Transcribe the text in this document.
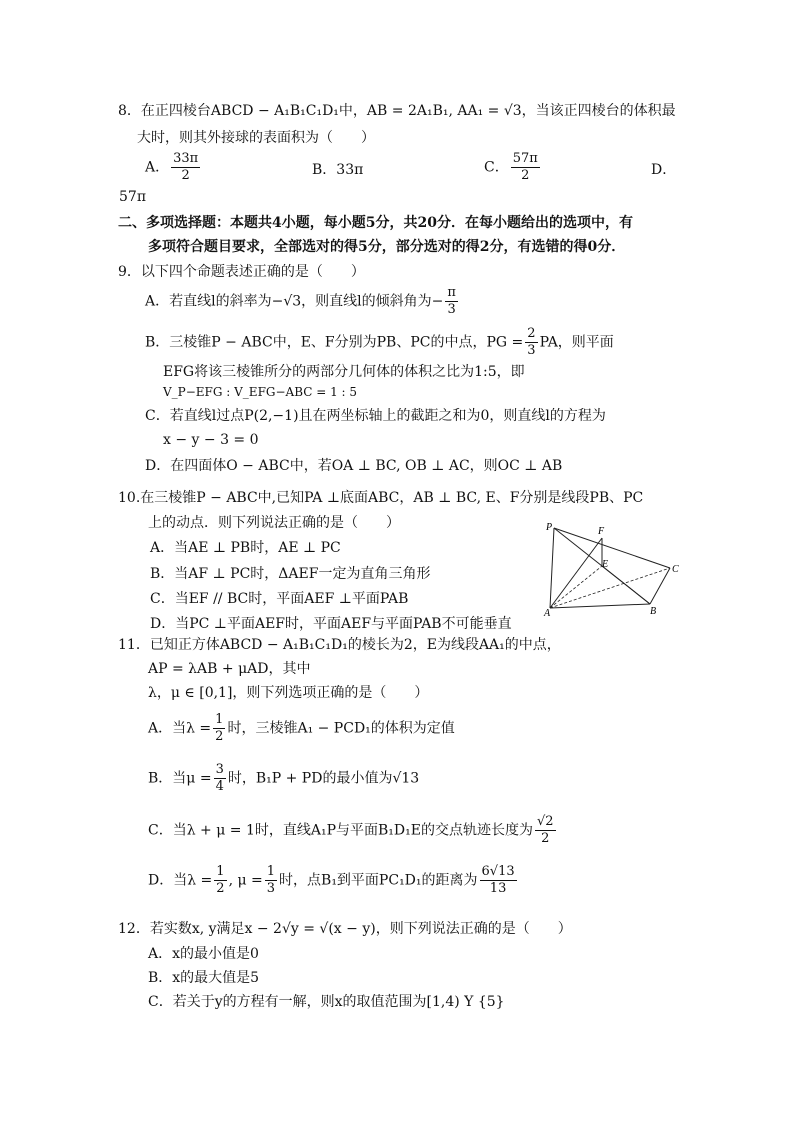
8．在正四棱台ABCD − A₁B₁C₁D₁中，AB = 2A₁B₁, AA₁ = √3，当该正四棱台的体积最
大时，则其外接球的表面积为（　　）
A． $\frac{33\pi}{2}$	B．33π	C． $\frac{57\pi}{2}$	D．
57π
二、多项选择题：本题共4小题，每小题5分，共20分．在每小题给出的选项中，有
多项符合题目要求，全部选对的得5分，部分选对的得2分，有选错的得0分．
9．以下四个命题表述正确的是（　　）
A．若直线l的斜率为−√3，则直线l的倾斜角为− $\frac{\pi}{3}$
B．三棱锥P − ABC中，E、F分别为PB、PC的中点，PG = $\frac{2}{3}$ PA，则平面
EFG将该三棱锥所分的两部分几何体的体积之比为1:5，即
V_P−EFG : V_EFG−ABC = 1 : 5
C．若直线l过点P(2,−1)且在两坐标轴上的截距之和为0，则直线l的方程为
x − y − 3 = 0
D．在四面体O − ABC中，若OA ⊥ BC, OB ⊥ AC，则OC ⊥ AB
10.在三棱锥P − ABC中,已知PA ⊥底面ABC，AB ⊥ BC, E、F分别是线段PB、PC
上的动点．则下列说法正确的是（　　）
A．当AE ⊥ PB时，AE ⊥ PC
B．当AF ⊥ PC时，ΔAEF一定为直角三角形
C．当EF // BC时，平面AEF ⊥平面PAB
D．当PC ⊥平面AEF时，平面AEF与平面PAB不可能垂直
P	F
E	C
A	B
11．已知正方体ABCD − A₁B₁C₁D₁的棱长为2，E为线段AA₁的中点，
AP = λAB + μAD，其中
λ，μ ∈ [0,1]，则下列选项正确的是（　　）
A．当$\lambda = \frac{1}{2}$ 时，三棱锥A₁ − PCD₁的体积为定值
B．当$\mu = \frac{3}{4}$ 时，B₁P + PD的最小值为√13
C．当λ + μ = 1时，直线A₁P与平面B₁D₁E的交点轨迹长度为 $\frac{√2}{2}$
D．当$\lambda = \frac{1}{2}$ , $\mu = \frac{1}{3}$ 时，点B₁到平面PC₁D₁的距离为 $\frac{6√13}{13}$
12．若实数x, y满足x − 2√y = √(x − y)，则下列说法正确的是（　　）
A．x的最小值是0
B．x的最大值是5
C．若关于y的方程有一解，则x的取值范围为[1,4) Y {5}
